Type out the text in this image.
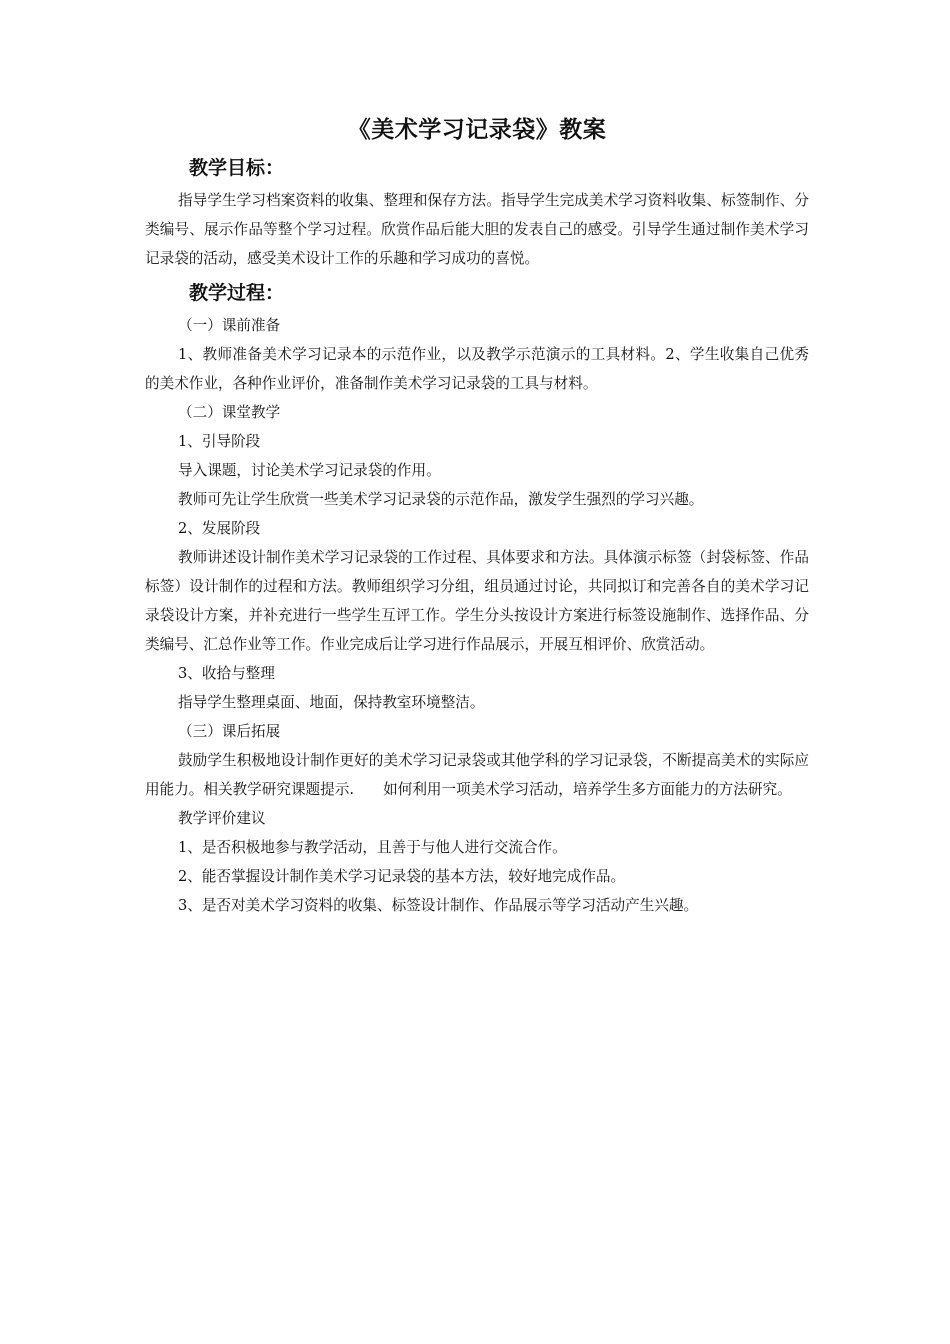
《美术学习记录袋》教案
教学目标：

指导学生学习档案资料的收集、整理和保存方法。指导学生完成美术学习资料收集、标签制作、分类编号、展示作品等整个学习过程。欣赏作品后能大胆的发表自己的感受。引导学生通过制作美术学习记录袋的活动，感受美术设计工作的乐趣和学习成功的喜悦。

教学过程：

（一）课前准备

1、教师准备美术学习记录本的示范作业，以及教学示范演示的工具材料。2、学生收集自己优秀的美术作业，各种作业评价，准备制作美术学习记录袋的工具与材料。

（二）课堂教学

1、引导阶段

导入课题，讨论美术学习记录袋的作用。

教师可先让学生欣赏一些美术学习记录袋的示范作品，激发学生强烈的学习兴趣。

2、发展阶段

教师讲述设计制作美术学习记录袋的工作过程、具体要求和方法。具体演示标签（封袋标签、作品标签）设计制作的过程和方法。教师组织学习分组，组员通过讨论，共同拟订和完善各自的美术学习记录袋设计方案，并补充进行一些学生互评工作。学生分头按设计方案进行标签设施制作、选择作品、分类编号、汇总作业等工作。作业完成后让学习进行作品展示，开展互相评价、欣赏活动。

3、收拾与整理

指导学生整理桌面、地面，保持教室环境整洁。

（三）课后拓展

鼓励学生积极地设计制作更好的美术学习记录袋或其他学科的学习记录袋，不断提高美术的实际应用能力。相关教学研究课题提示.　　如何利用一项美术学习活动，培养学生多方面能力的方法研究。

教学评价建议

1、是否积极地参与教学活动，且善于与他人进行交流合作。

2、能否掌握设计制作美术学习记录袋的基本方法，较好地完成作品。

3、是否对美术学习资料的收集、标签设计制作、作品展示等学习活动产生兴趣。
